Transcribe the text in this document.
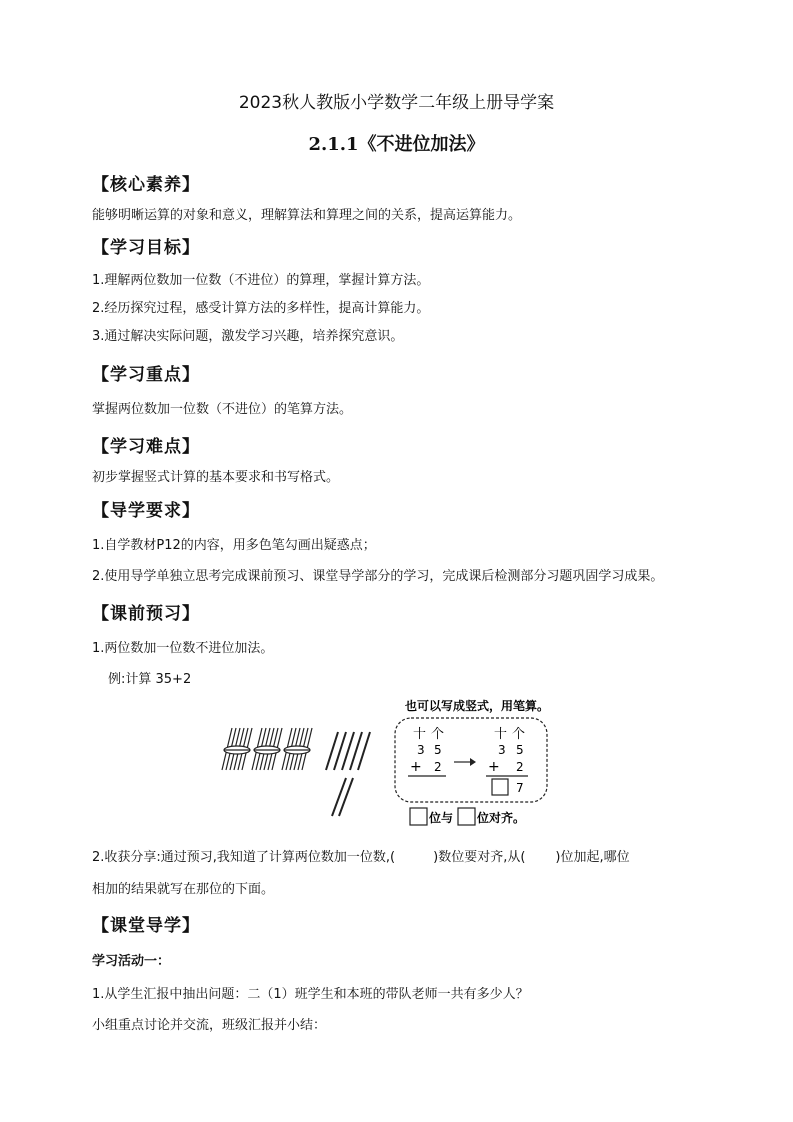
2023秋人教版小学数学二年级上册导学案
2.1.1《不进位加法》
【核心素养】
能够明晰运算的对象和意义，理解算法和算理之间的关系，提高运算能力。
【学习目标】
1.理解两位数加一位数（不进位）的算理，掌握计算方法。
2.经历探究过程，感受计算方法的多样性，提高计算能力。
3.通过解决实际问题，激发学习兴趣，培养探究意识。
【学习重点】
掌握两位数加一位数（不进位）的笔算方法。
【学习难点】
初步掌握竖式计算的基本要求和书写格式。
【导学要求】
1.自学教材P12的内容，用多色笔勾画出疑惑点；
2.使用导学单独立思考完成课前预习、课堂导学部分的学习，完成课后检测部分习题巩固学习成果。
【课前预习】
1.两位数加一位数不进位加法。
例:计算 35+2
也可以写成竖式，用笔算。
十 个
3 5
+ 2
十 个
3 5
+ 2
7
位与 位对齐。
2.收获分享:通过预习,我知道了计算两位数加一位数,(	)数位要对齐,从( )位加起,哪位
相加的结果就写在那位的下面。
【课堂导学】
学习活动一：
1.从学生汇报中抽出问题：二（1）班学生和本班的带队老师一共有多少人？
小组重点讨论并交流，班级汇报并小结：
